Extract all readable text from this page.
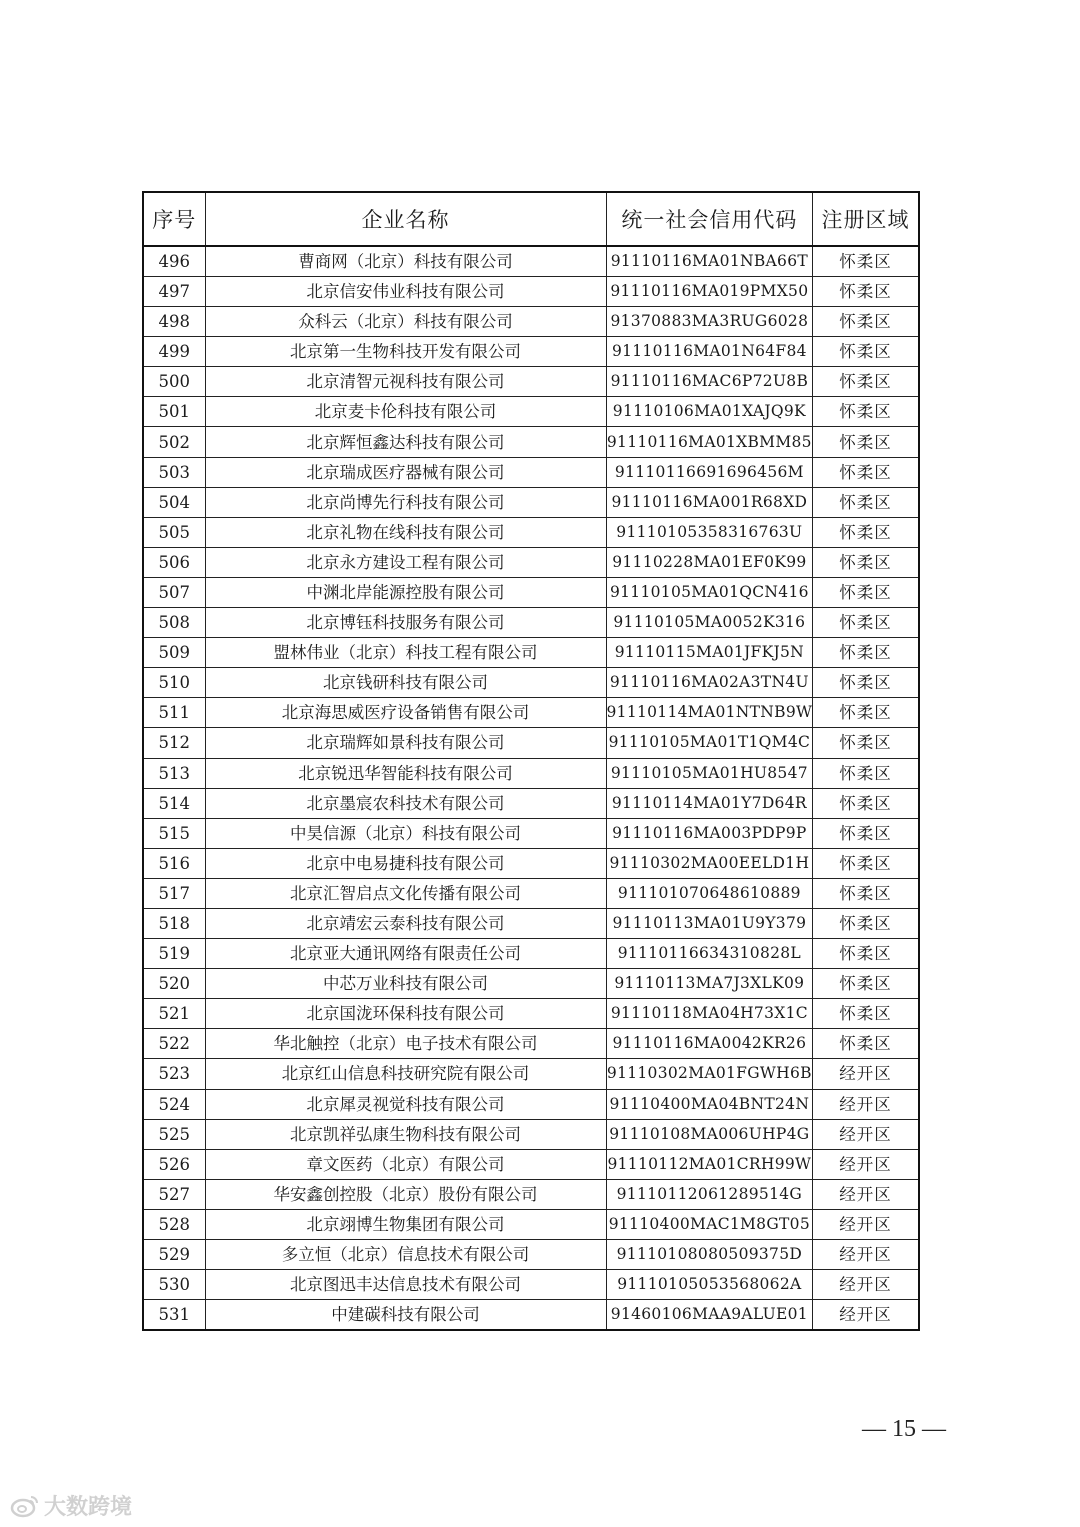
序号	企业名称	统一社会信用代码	注册区域
496	曹商网（北京）科技有限公司	91110116MA01NBA66T	怀柔区
497	北京信安伟业科技有限公司	91110116MA019PMX50	怀柔区
498	众科云（北京）科技有限公司	91370883MA3RUG6028	怀柔区
499	北京第一生物科技开发有限公司	91110116MA01N64F84	怀柔区
500	北京清智元视科技有限公司	91110116MAC6P72U8B	怀柔区
501	北京麦卡伦科技有限公司	91110106MA01XAJQ9K	怀柔区
502	北京辉恒鑫达科技有限公司	91110116MA01XBMM85	怀柔区
503	北京瑞成医疗器械有限公司	91110116691696456M	怀柔区
504	北京尚博先行科技有限公司	91110116MA001R68XD	怀柔区
505	北京礼物在线科技有限公司	91110105358316763U	怀柔区
506	北京永方建设工程有限公司	91110228MA01EF0K99	怀柔区
507	中渊北岸能源控股有限公司	91110105MA01QCN416	怀柔区
508	北京博钰科技服务有限公司	91110105MA0052K316	怀柔区
509	盟林伟业（北京）科技工程有限公司	91110115MA01JFKJ5N	怀柔区
510	北京钱研科技有限公司	91110116MA02A3TN4U	怀柔区
511	北京海思威医疗设备销售有限公司	91110114MA01NTNB9W	怀柔区
512	北京瑞辉如景科技有限公司	91110105MA01T1QM4C	怀柔区
513	北京锐迅华智能科技有限公司	91110105MA01HU8547	怀柔区
514	北京墨宸农科技术有限公司	91110114MA01Y7D64R	怀柔区
515	中昊信源（北京）科技有限公司	91110116MA003PDP9P	怀柔区
516	北京中电易捷科技有限公司	91110302MA00EELD1H	怀柔区
517	北京汇智启点文化传播有限公司	911101070648610889	怀柔区
518	北京靖宏云泰科技有限公司	91110113MA01U9Y379	怀柔区
519	北京亚大通讯网络有限责任公司	91110116634310828L	怀柔区
520	中芯万业科技有限公司	91110113MA7J3XLK09	怀柔区
521	北京国泷环保科技有限公司	91110118MA04H73X1C	怀柔区
522	华北触控（北京）电子技术有限公司	91110116MA0042KR26	怀柔区
523	北京红山信息科技研究院有限公司	91110302MA01FGWH6B	经开区
524	北京犀灵视觉科技有限公司	91110400MA04BNT24N	经开区
525	北京凯祥弘康生物科技有限公司	91110108MA006UHP4G	经开区
526	章文医药（北京）有限公司	91110112MA01CRH99W	经开区
527	华安鑫创控股（北京）股份有限公司	91110112061289514G	经开区
528	北京翊博生物集团有限公司	91110400MAC1M8GT05	经开区
529	多立恒（北京）信息技术有限公司	91110108080509375D	经开区
530	北京图迅丰达信息技术有限公司	91110105053568062A	经开区
531	中建碳科技有限公司	91460106MAA9ALUE01	经开区
— 15 —
大数跨境
